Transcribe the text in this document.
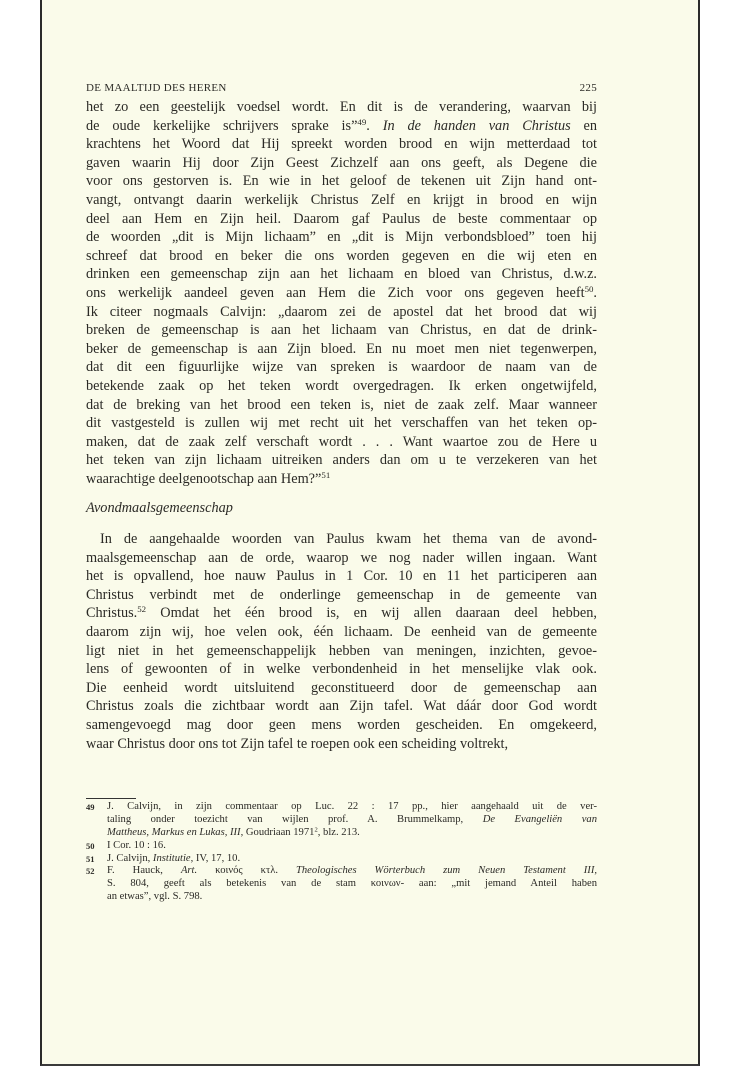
DE MAALTIJD DES HEREN	225
het zo een geestelijk voedsel wordt. En dit is de verandering, waarvan bij
de oude kerkelijke schrijvers sprake is”$^{49}$. In de handen van Christus en
krachtens het Woord dat Hij spreekt worden brood en wijn metterdaad tot
gaven waarin Hij door Zijn Geest Zichzelf aan ons geeft, als Degene die
voor ons gestorven is. En wie in het geloof de tekenen uit Zijn hand ont-
vangt, ontvangt daarin werkelijk Christus Zelf en krijgt in brood en wijn
deel aan Hem en Zijn heil. Daarom gaf Paulus de beste commentaar op
de woorden „dit is Mijn lichaam” en „dit is Mijn verbondsbloed” toen hij
schreef dat brood en beker die ons worden gegeven en die wij eten en
drinken een gemeenschap zijn aan het lichaam en bloed van Christus, d.w.z.
ons werkelijk aandeel geven aan Hem die Zich voor ons gegeven heeft$^{50}$.
Ik citeer nogmaals Calvijn: „daarom zei de apostel dat het brood dat wij
breken de gemeenschap is aan het lichaam van Christus, en dat de drink-
beker de gemeenschap is aan Zijn bloed. En nu moet men niet tegenwerpen,
dat dit een figuurlijke wijze van spreken is waardoor de naam van de
betekende zaak op het teken wordt overgedragen. Ik erken ongetwijfeld,
dat de breking van het brood een teken is, niet de zaak zelf. Maar wanneer
dit vastgesteld is zullen wij met recht uit het verschaffen van het teken op-
maken, dat de zaak zelf verschaft wordt . . . Want waartoe zou de Here u
het teken van zijn lichaam uitreiken anders dan om u te verzekeren van het
waarachtige deelgenootschap aan Hem?”$^{51}$
Avondmaalsgemeenschap
In de aangehaalde woorden van Paulus kwam het thema van de avond-
maalsgemeenschap aan de orde, waarop we nog nader willen ingaan. Want
het is opvallend, hoe nauw Paulus in 1 Cor. 10 en 11 het participeren aan
Christus verbindt met de onderlinge gemeenschap in de gemeente van
Christus.$^{52}$ Omdat het één brood is, en wij allen daaraan deel hebben,
daarom zijn wij, hoe velen ook, één lichaam. De eenheid van de gemeente
ligt niet in het gemeenschappelijk hebben van meningen, inzichten, gevoe-
lens of gewoonten of in welke verbondenheid in het menselijke vlak ook.
Die eenheid wordt uitsluitend geconstitueerd door de gemeenschap aan
Christus zoals die zichtbaar wordt aan Zijn tafel. Wat dáár door God wordt
samengevoegd mag door geen mens worden gescheiden. En omgekeerd,
waar Christus door ons tot Zijn tafel te roepen ook een scheiding voltrekt,
49	J. Calvijn, in zijn commentaar op Luc. 22 : 17 pp., hier aangehaald uit de ver-
taling onder toezicht van wijlen prof. A. Brummelkamp, De Evangeliën van
Mattheus, Markus en Lukas, III, Goudriaan 1971$^2$, blz. 213.
50	I Cor. 10 : 16.
51	J. Calvijn, Institutie, IV, 17, 10.
52	F. Hauck, Art. κοινός κτλ. Theologisches Wörterbuch zum Neuen Testament III,
S. 804, geeft als betekenis van de stam κοινων- aan: „mit jemand Anteil haben
an etwas”, vgl. S. 798.
